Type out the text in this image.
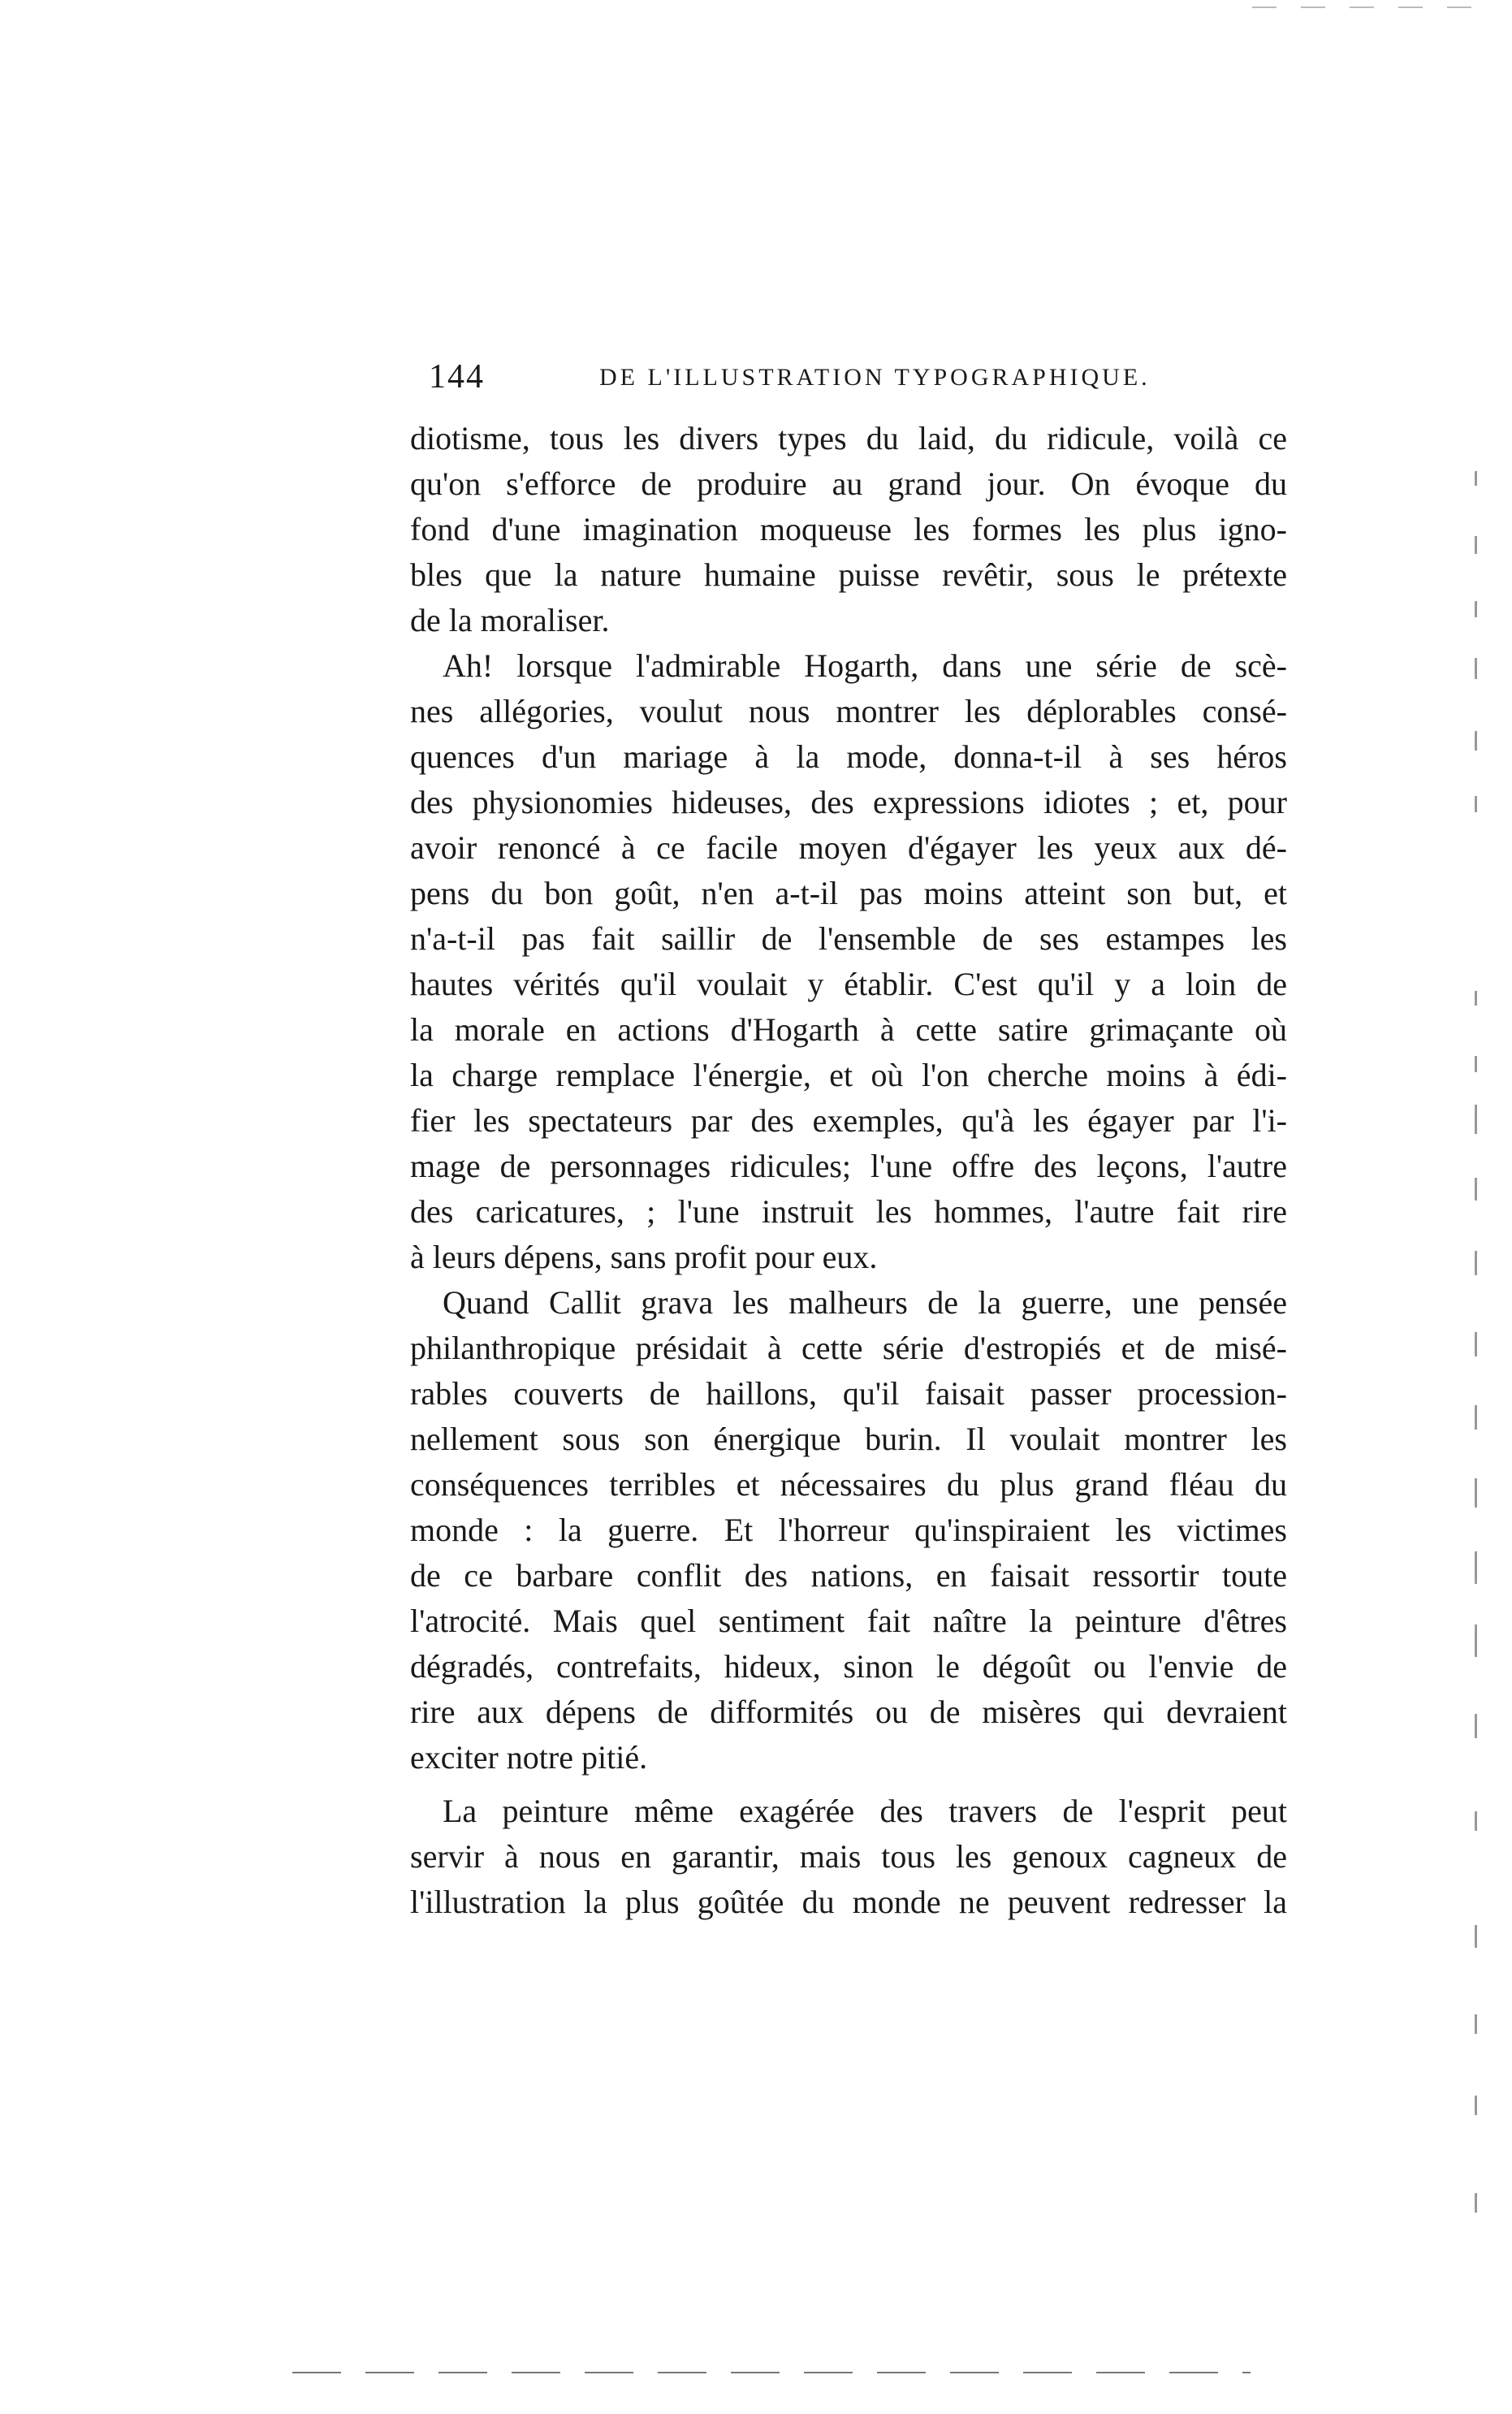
144	DE L'ILLUSTRATION TYPOGRAPHIQUE.
diotisme, tous les divers types du laid, du ridicule, voilà ce
qu'on s'efforce de produire au grand jour. On évoque du
fond d'une imagination moqueuse les formes les plus igno-
bles que la nature humaine puisse revêtir, sous le prétexte
de la moraliser.
Ah! lorsque l'admirable Hogarth, dans une série de scè-
nes allégories, voulut nous montrer les déplorables consé-
quences d'un mariage à la mode, donna-t-il à ses héros
des physionomies hideuses, des expressions idiotes ; et, pour
avoir renoncé à ce facile moyen d'égayer les yeux aux dé-
pens du bon goût, n'en a-t-il pas moins atteint son but, et
n'a-t-il pas fait saillir de l'ensemble de ses estampes les
hautes vérités qu'il voulait y établir. C'est qu'il y a loin de
la morale en actions d'Hogarth à cette satire grimaçante où
la charge remplace l'énergie, et où l'on cherche moins à édi-
fier les spectateurs par des exemples, qu'à les égayer par l'i-
mage de personnages ridicules; l'une offre des leçons, l'autre
des caricatures, ; l'une instruit les hommes, l'autre fait rire
à leurs dépens, sans profit pour eux.
Quand Callit grava les malheurs de la guerre, une pensée
philanthropique présidait à cette série d'estropiés et de misé-
rables couverts de haillons, qu'il faisait passer procession-
nellement sous son énergique burin. Il voulait montrer les
conséquences terribles et nécessaires du plus grand fléau du
monde : la guerre. Et l'horreur qu'inspiraient les victimes
de ce barbare conflit des nations, en faisait ressortir toute
l'atrocité. Mais quel sentiment fait naître la peinture d'êtres
dégradés, contrefaits, hideux, sinon le dégoût ou l'envie de
rire aux dépens de difformités ou de misères qui devraient
exciter notre pitié.
La peinture même exagérée des travers de l'esprit peut
servir à nous en garantir, mais tous les genoux cagneux de
l'illustration la plus goûtée du monde ne peuvent redresser la
